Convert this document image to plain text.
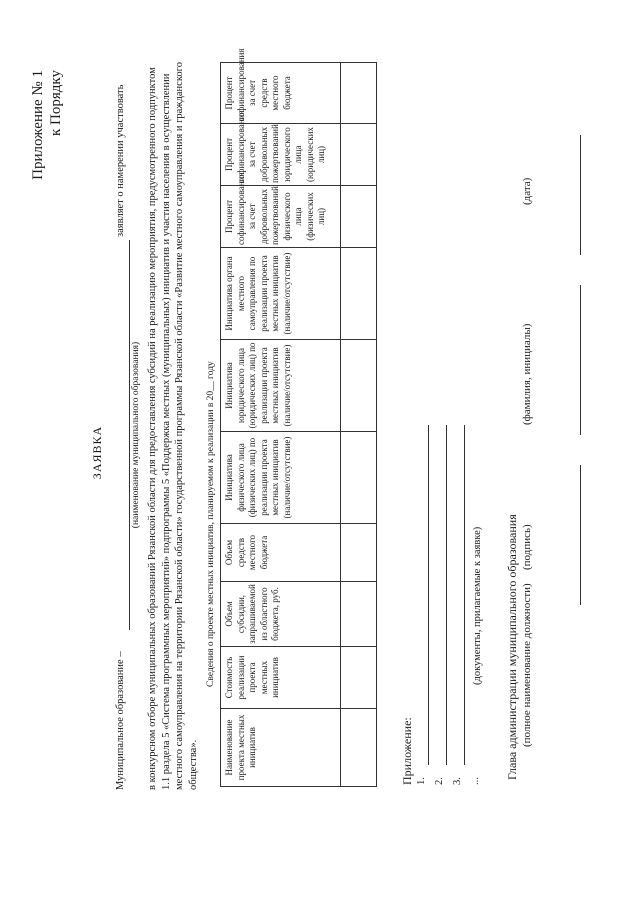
Приложение № 1 к Порядку
ЗАЯВКА
Муниципальное образование –
заявляет о намерении участвовать
(наименование муниципального образования) в конкурсном отборе муниципальных образований Рязанской области для предоставления субсидий на реализацию мероприятия, предусмотренного подпунктом 1.1 раздела 5 «Система программных мероприятий» подпрограммы 5 «Поддержка местных (муниципальных) инициатив и участия населения в осуществлении местного самоуправления на территории Рязанской области» государственной программы Рязанской области «Развитие местного самоуправления и гражданского общества».
Сведения о проекте местных инициатив, планируемом к реализации в 20__ году
Наименование проекта местных инициатив	Стоимость реализации проекта местных инициатив	Объем субсидии, запрашиваемой из областного бюджета, руб.	Объем средств местного бюджета	Инициатива физического лица (физических лиц) по реализации проекта местных инициатив (наличие/отсутствие)	Инициатива юридического лица (юридических лиц) по реализации проекта местных инициатив (наличие/отсутствие)	Инициатива органа местного самоуправления по реализации проекта местных инициатив (наличие/отсутствие)	Процент софинансирования за счет добровольных пожертвований физического лица (физических лиц)	Процент софинансирования за счет добровольных пожертвований юридического лица (юридических лиц)	Процент софинансирования за счет средств местного бюджета

Приложение: 1. 2. 3. ...
(документы, прилагаемые к заявке) Глава администрации муниципального образования (полное наименование должности)
(подпись)
(фамилия, инициалы)
(дата)
